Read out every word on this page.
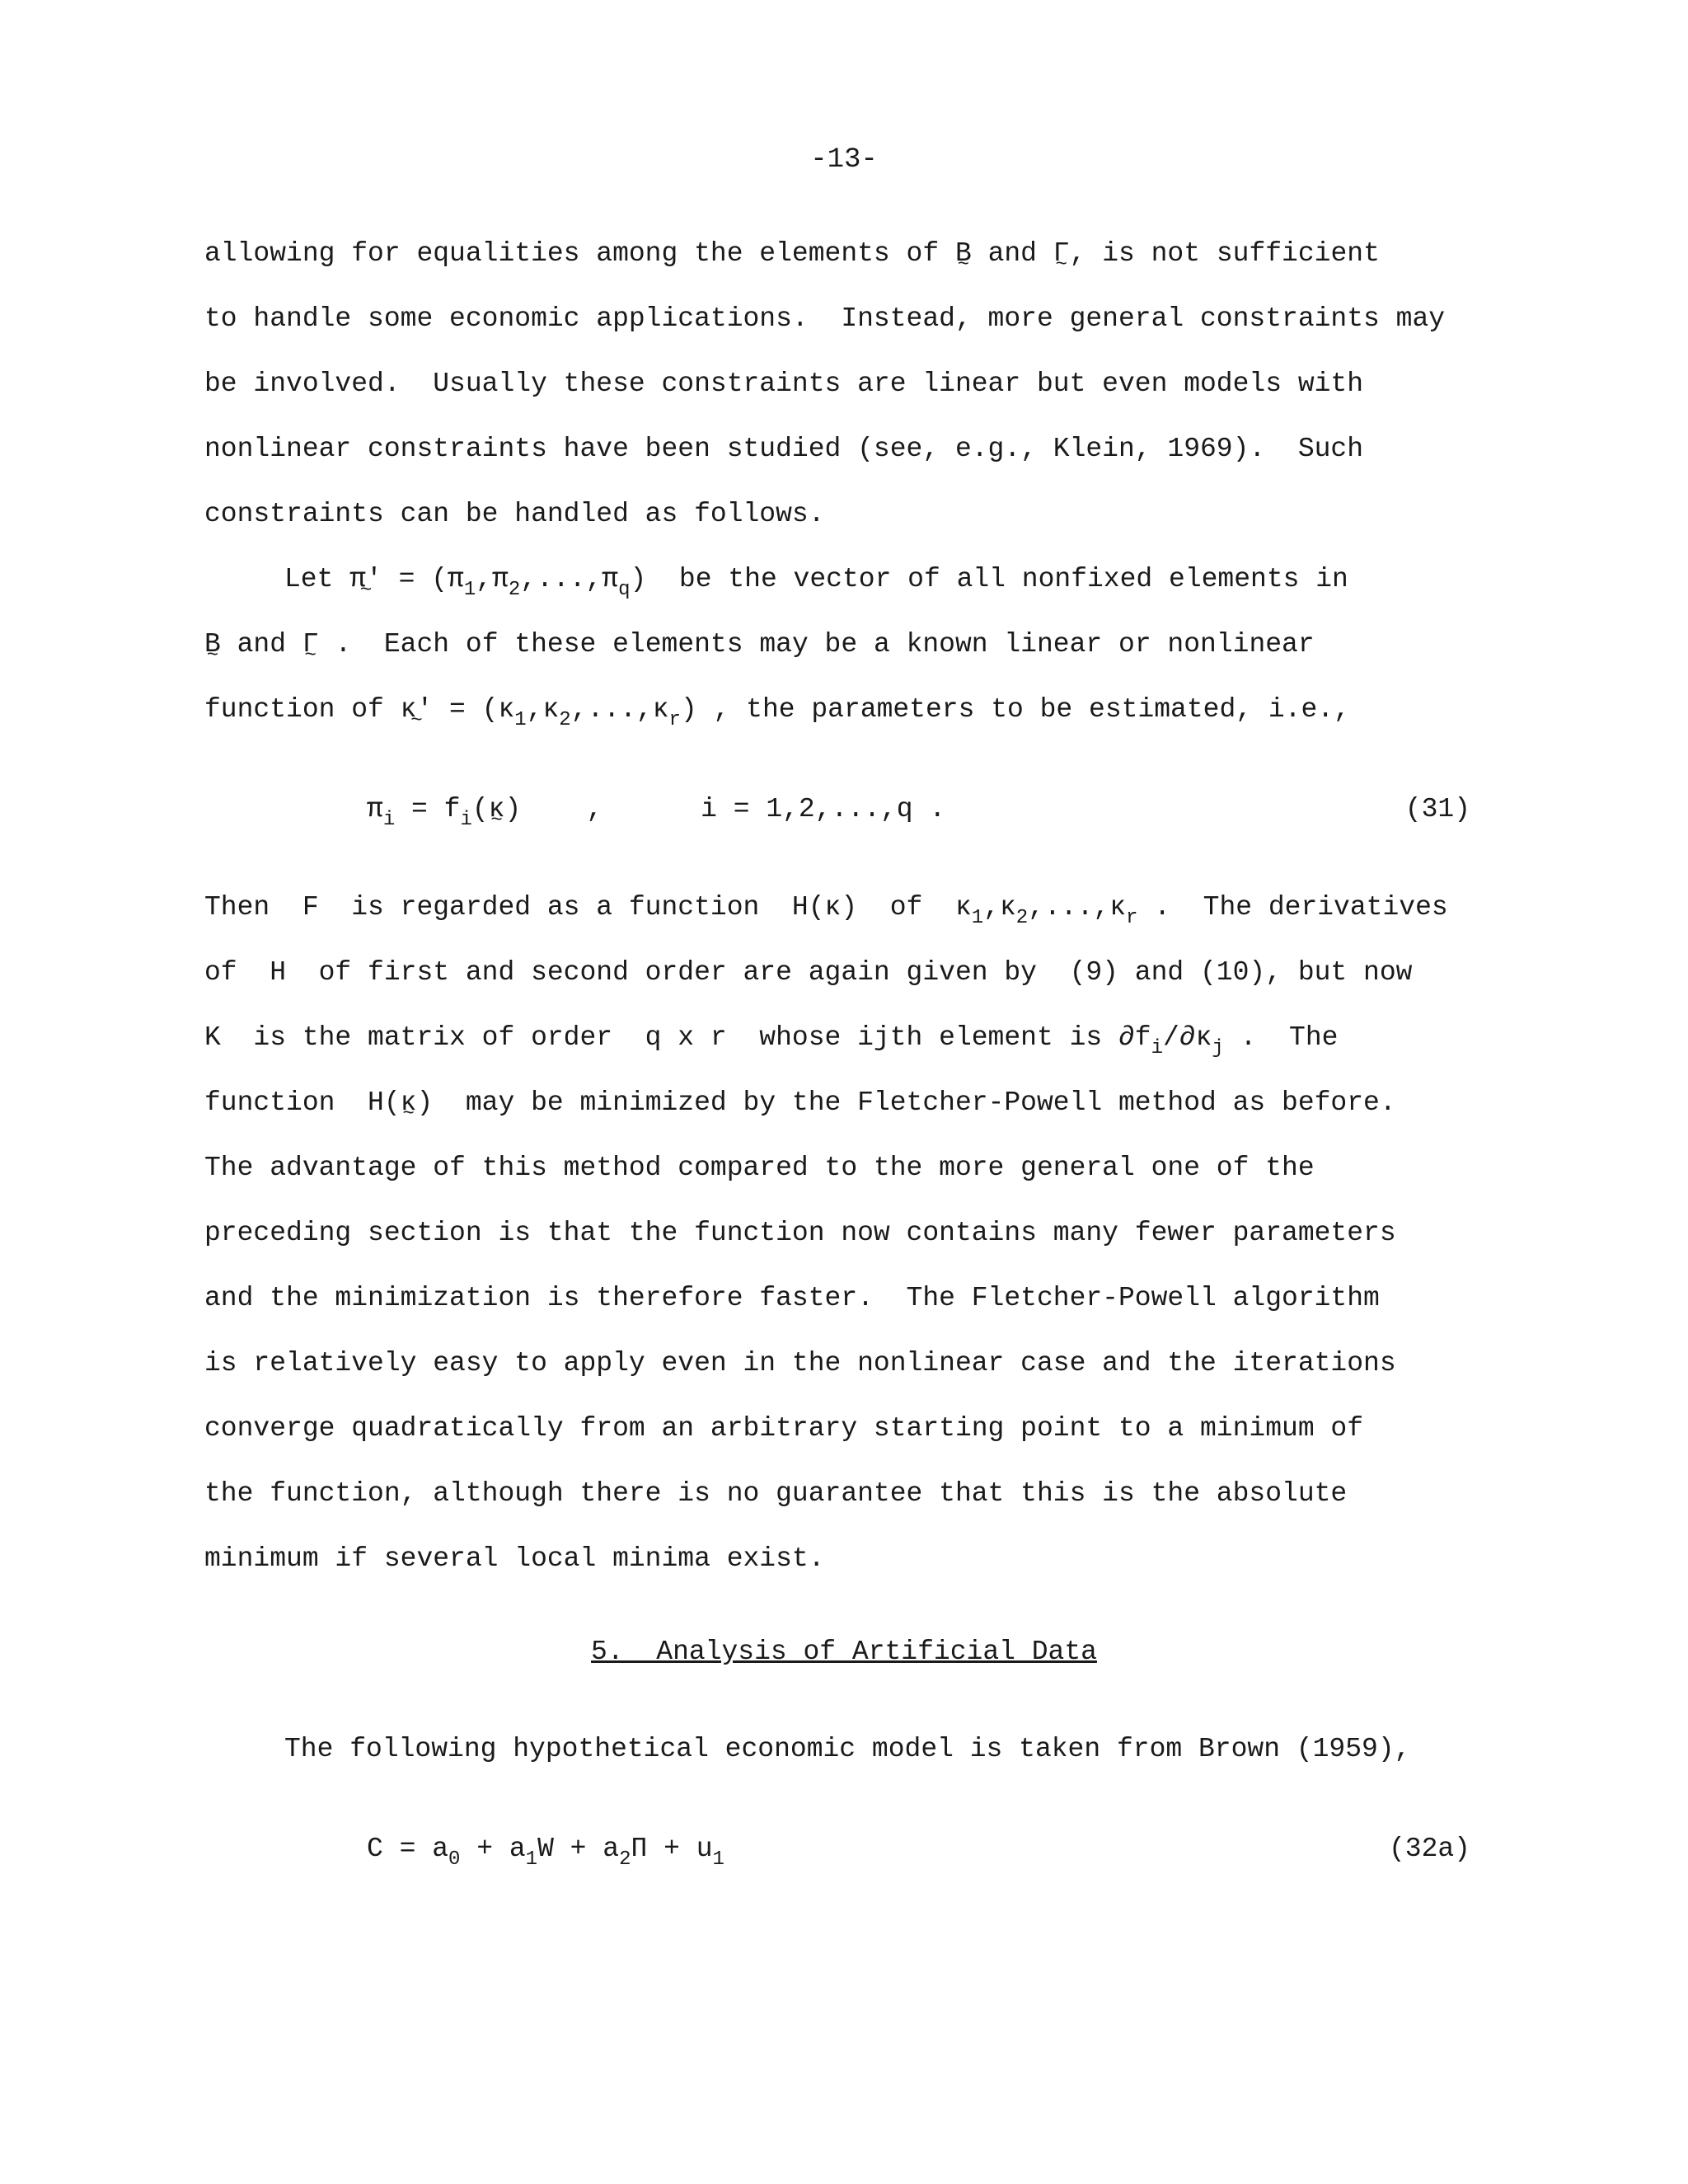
-13-

allowing for equalities among the elements of B ~ and Γ ~, is not sufficient

to handle some economic applications.  Instead, more general constraints may

be involved.  Usually these constraints are linear but even models with

nonlinear constraints have been studied (see, e.g., Klein, 1969).  Such

constraints can be handled as follows.

Let π' ~ = $(\pi_1,\pi_2,...,\pi_q)$  be the vector of all nonfixed elements in

B ~ and Γ ~ .  Each of these elements may be a known linear or nonlinear

function of κ' ~ = $(\kappa_1,\kappa_2,...,\kappa_r)$ , the parameters to be estimated, i.e.,

$\pi_i = f_i(\kappa$ ~)    ,      i = 1,2,...,q .	(31)

Then  F  is regarded as a function  H(κ)  of  $\kappa_1,\kappa_2,...,\kappa_r$ .  The derivatives

of  H  of first and second order are again given by  (9) and (10), but now

K  is the matrix of order  q x r  whose ijth element is $\partial f_i/\partial\kappa_j$ .  The

function  H(κ ~)  may be minimized by the Fletcher-Powell method as before.

The advantage of this method compared to the more general one of the

preceding section is that the function now contains many fewer parameters

and the minimization is therefore faster.  The Fletcher-Powell algorithm

is relatively easy to apply even in the nonlinear case and the iterations

converge quadratically from an arbitrary starting point to a minimum of

the function, although there is no guarantee that this is the absolute

minimum if several local minima exist.

5.  Analysis of Artificial Data

The following hypothetical economic model is taken from Brown (1959),

$C = a_0 + a_1W + a_2\Pi + u_1$	(32a)
